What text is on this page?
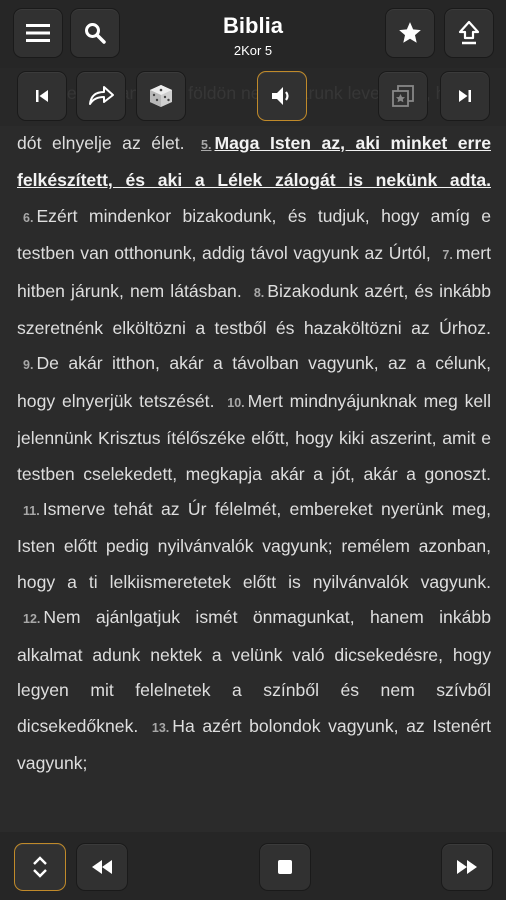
Biblia
2Kor 5

dót elnyelje az élet. 5. Maga Isten az, aki minket erre felkészített, és aki a Lélek zálogát is nekünk adta. 6. Ezért mindenkor bizakodunk, és tudjuk, hogy amíg e testben van otthonunk, addig távol vagyunk az Úrtól, 7. mert hitben járunk, nem látásban. 8. Bizakodunk azért, és inkább szeretnénk elköltözni a testből és hazaköltözni az Úrhoz. 9. De akár itthon, akár a távolban vagyunk, az a célunk, hogy elnyerjük tetszését. 10. Mert mindnyájunknak meg kell jelennünk Krisztus ítélőszéke előtt, hogy kiki aszerint, amit e testben cselekedett, megkapja akár a jót, akár a gonoszt. 11. Ismerve tehát az Úr félelmét, embereket nyerünk meg, Isten előtt pedig nyilvánvalók vagyunk; remélem azonban, hogy a ti lelkiismeretetek előtt is nyilvánvalók vagyunk. 12. Nem ajánlgatjuk ismét önmagunkat, hanem inkább alkalmat adunk nektek a velünk való dicsekedésre, hogy legyen mit felelnetek a színből és nem szívből dicsekedőknek. 13. Ha azért bolondok vagyunk, az Istenért vagyunk;
